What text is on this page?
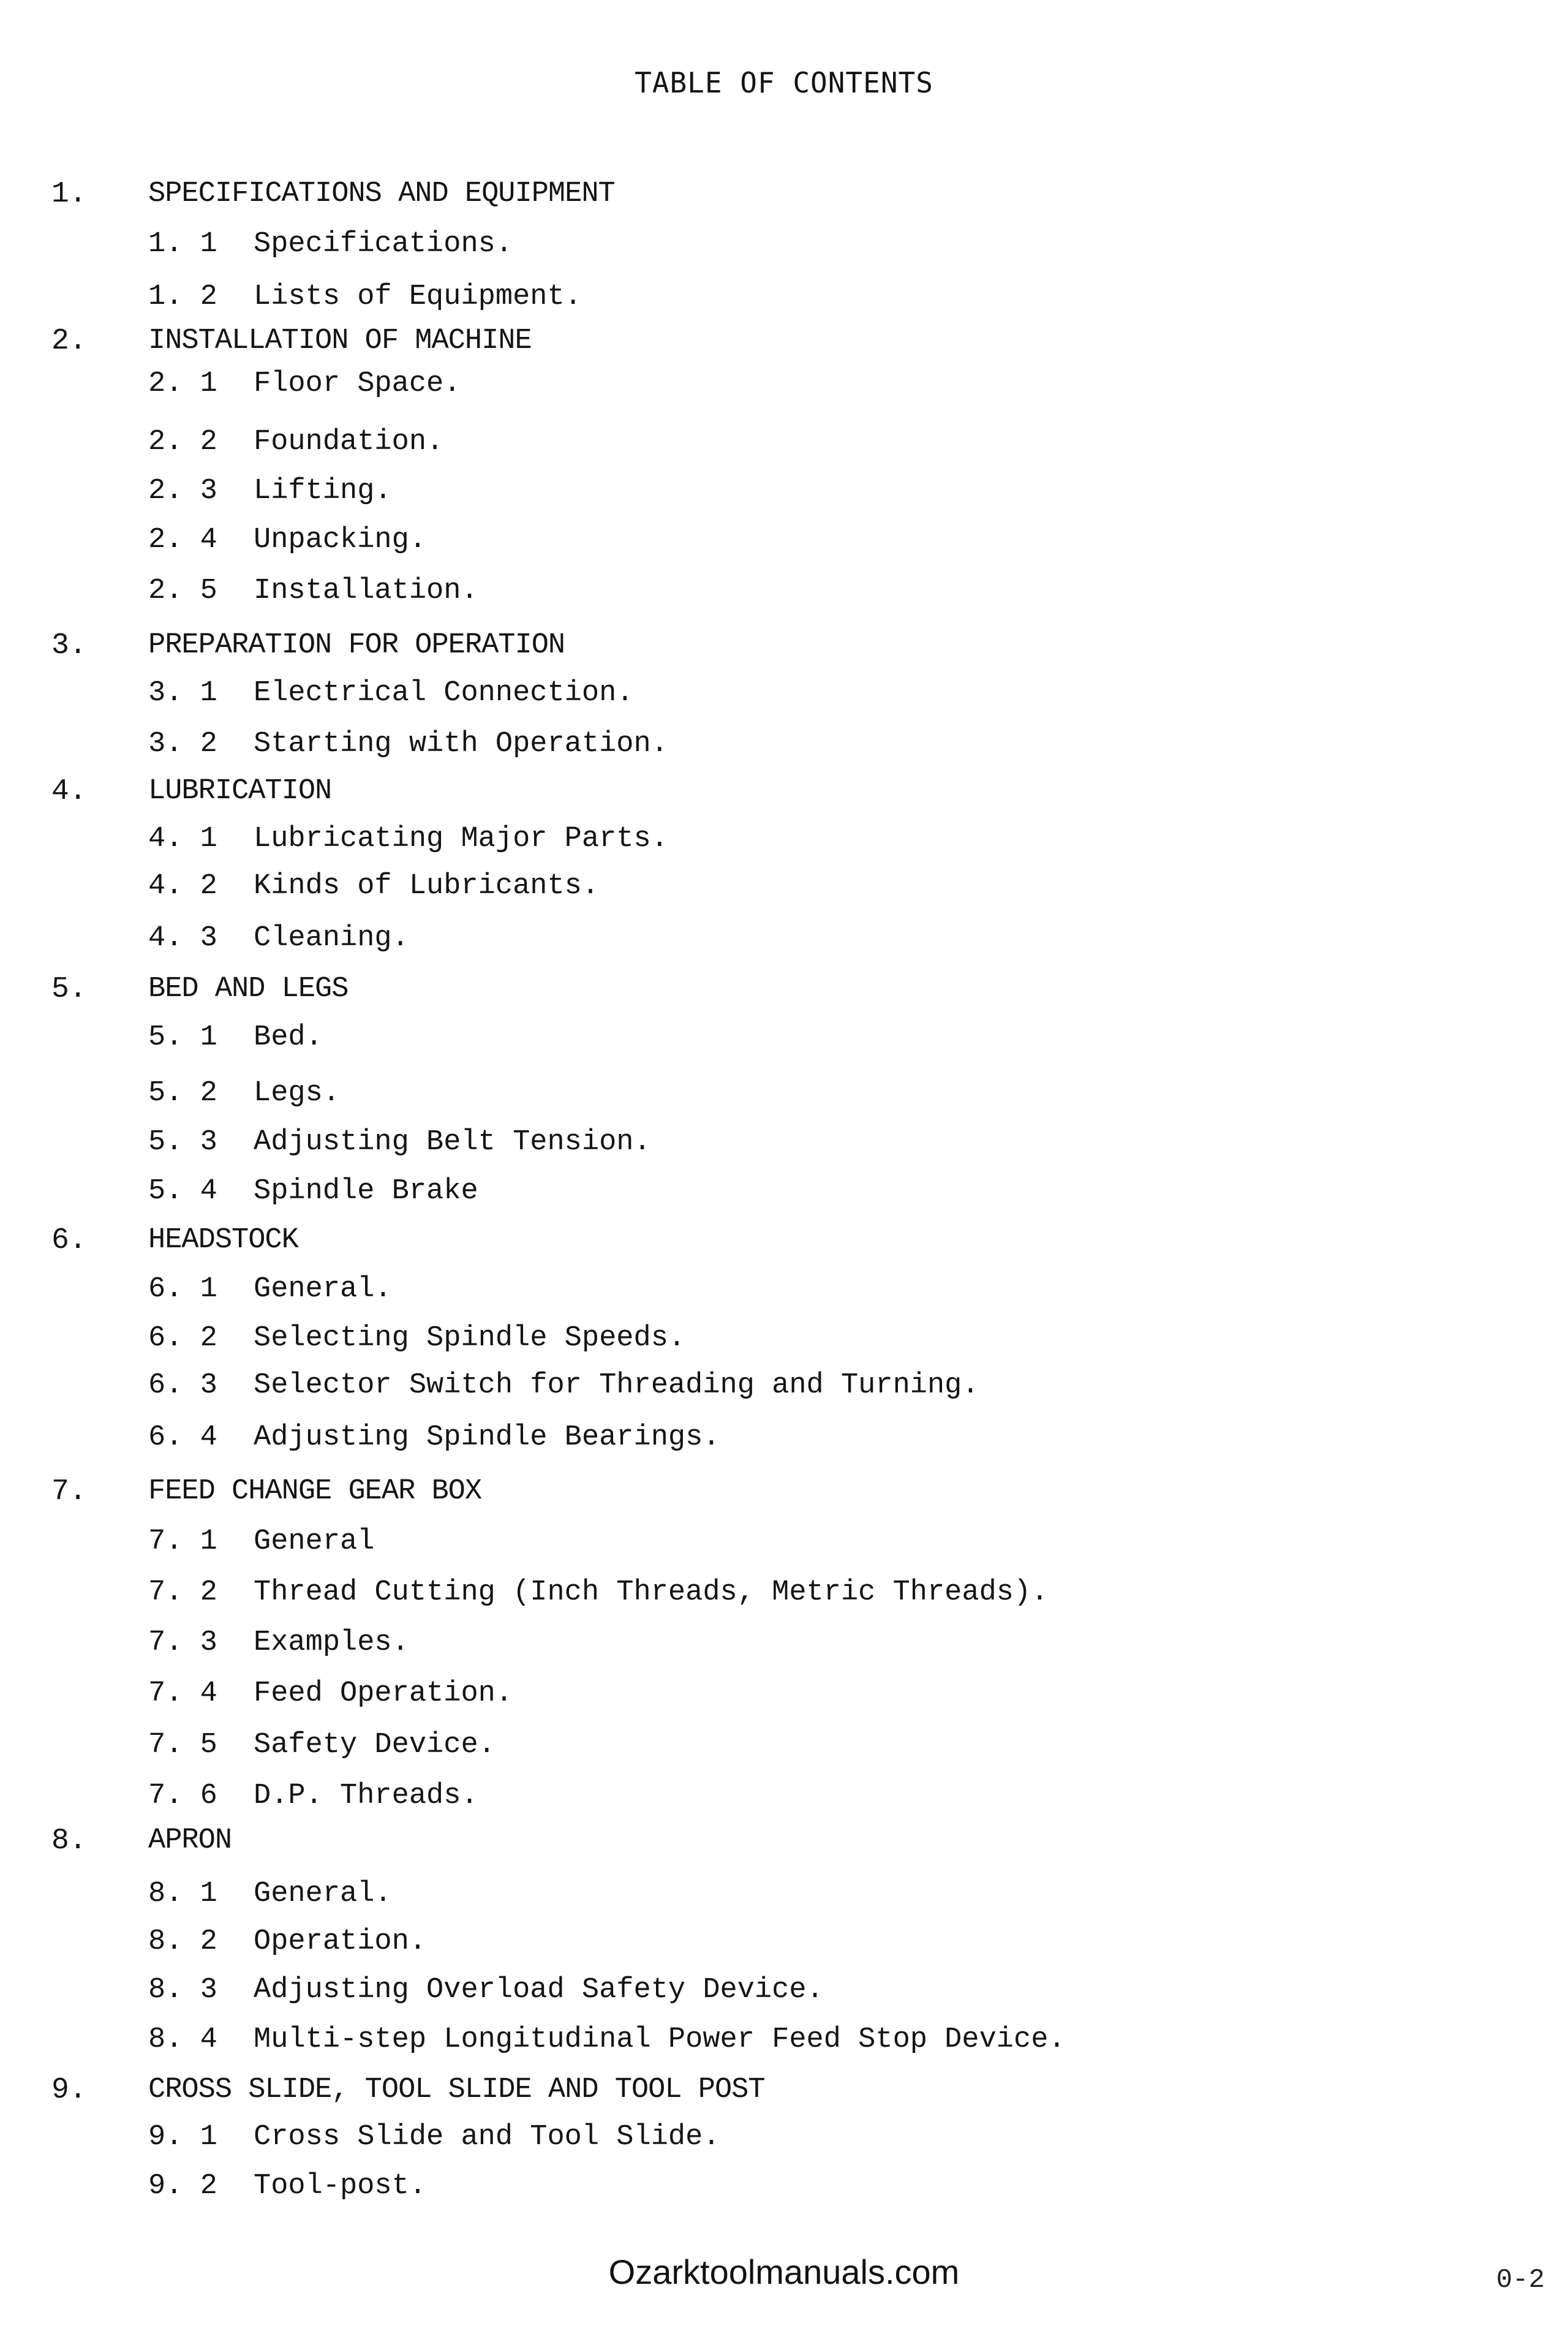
TABLE OF CONTENTS
1. SPECIFICATIONS AND EQUIPMENT
1. 1 Specifications.
1. 2 Lists of Equipment.
2. INSTALLATION OF MACHINE
2. 1 Floor Space.
2. 2 Foundation.
2. 3 Lifting.
2. 4 Unpacking.
2. 5 Installation.
3. PREPARATION FOR OPERATION
3. 1 Electrical Connection.
3. 2 Starting with Operation.
4. LUBRICATION
4. 1 Lubricating Major Parts.
4. 2 Kinds of Lubricants.
4. 3 Cleaning.
5. BED AND LEGS
5. 1 Bed.
5. 2 Legs.
5. 3 Adjusting Belt Tension.
5. 4 Spindle Brake
6. HEADSTOCK
6. 1 General.
6. 2 Selecting Spindle Speeds.
6. 3 Selector Switch for Threading and Turning.
6. 4 Adjusting Spindle Bearings.
7. FEED CHANGE GEAR BOX
7. 1 General
7. 2 Thread Cutting (Inch Threads, Metric Threads).
7. 3 Examples.
7. 4 Feed Operation.
7. 5 Safety Device.
7. 6 D.P. Threads.
8. APRON
8. 1 General.
8. 2 Operation.
8. 3 Adjusting Overload Safety Device.
8. 4 Multi-step Longitudinal Power Feed Stop Device.
9. CROSS SLIDE, TOOL SLIDE AND TOOL POST
9. 1 Cross Slide and Tool Slide.
9. 2 Tool-post.
Ozarktoolmanuals.com	0-2
